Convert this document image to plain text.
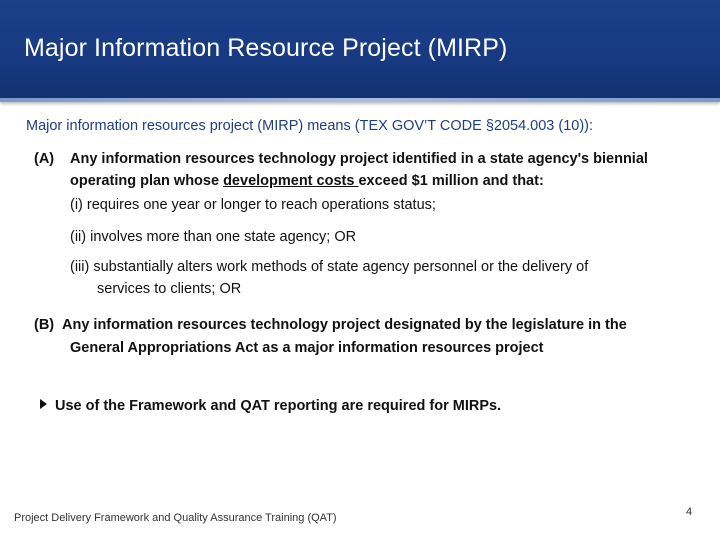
Major Information Resource Project (MIRP)

Major information resources project (MIRP) means (TEX GOV’T CODE §2054.003 (10)):

(A) Any information resources technology project identified in a state agency's biennial

operating plan whose development costs exceed $1 million and that:

(i) requires one year or longer to reach operations status;

(ii) involves more than one state agency; OR

(iii) substantially alters work methods of state agency personnel or the delivery of

services to clients; OR

(B) Any information resources technology project designated by the legislature in the

General Appropriations Act as a major information resources project

Use of the Framework and QAT reporting are required for MIRPs.

Project Delivery Framework and Quality Assurance Training (QAT)	4
